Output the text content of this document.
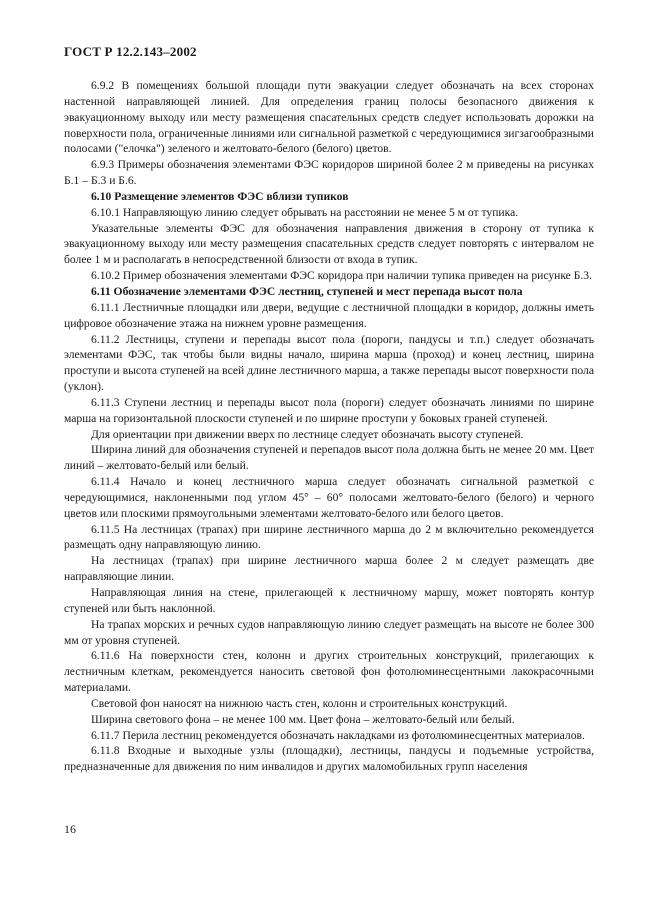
ГОСТ Р 12.2.143–2002

6.9.2 В помещениях большой площади пути эвакуации следует обозначать на всех сторонах настенной направляющей линией. Для определения границ полосы безопасного движения к эвакуационному выходу или месту размещения спасательных средств следует использовать дорожки на поверхности пола, ограниченные линиями или сигнальной разметкой с чередующимися зигзагообразными полосами ("елочка") зеленого и желтовато-белого (белого) цветов.

6.9.3 Примеры обозначения элементами ФЭС коридоров шириной более 2 м приведены на рисунках Б.1 – Б.3 и Б.6.

6.10 Размещение элементов ФЭС вблизи тупиков

6.10.1 Направляющую линию следует обрывать на расстоянии не менее 5 м от тупика.

Указательные элементы ФЭС для обозначения направления движения в сторону от тупика к эвакуационному выходу или месту размещения спасательных средств следует повторять с интервалом не более 1 м и располагать в непосредственной близости от входа в тупик.

6.10.2 Пример обозначения элементами ФЭС коридора при наличии тупика приведен на рисунке Б.3.

6.11 Обозначение элементами ФЭС лестниц, ступеней и мест перепада высот пола

6.11.1 Лестничные площадки или двери, ведущие с лестничной площадки в коридор, должны иметь цифровое обозначение этажа на нижнем уровне размещения.

6.11.2 Лестницы, ступени и перепады высот пола (пороги, пандусы и т.п.) следует обозначать элементами ФЭС, так чтобы были видны начало, ширина марша (проход) и конец лестниц, ширина проступи и высота ступеней на всей длине лестничного марша, а также перепады высот поверхности пола (уклон).

6.11.3 Ступени лестниц и перепады высот пола (пороги) следует обозначать линиями по ширине марша на горизонтальной плоскости ступеней и по ширине проступи у боковых граней ступеней.

Для ориентации при движении вверх по лестнице следует обозначать высоту ступеней.

Ширина линий для обозначения ступеней и перепадов высот пола должна быть не менее 20 мм. Цвет линий – желтовато-белый или белый.

6.11.4 Начало и конец лестничного марша следует обозначать сигнальной разметкой с чередующимися, наклоненными под углом 45° – 60° полосами желтовато-белого (белого) и черного цветов или плоскими прямоугольными элементами желтовато-белого или белого цветов.

6.11.5 На лестницах (трапах) при ширине лестничного марша до 2 м включительно рекомендуется размещать одну направляющую линию.

На лестницах (трапах) при ширине лестничного марша более 2 м следует размещать две направляющие линии.

Направляющая линия на стене, прилегающей к лестничному маршу, может повторять контур ступеней или быть наклонной.

На трапах морских и речных судов направляющую линию следует размещать на высоте не более 300 мм от уровня ступеней.

6.11.6 На поверхности стен, колонн и других строительных конструкций, прилегающих к лестничным клеткам, рекомендуется наносить световой фон фотолюминесцентными лакокрасочными материалами.

Световой фон наносят на нижнюю часть стен, колонн и строительных конструкций.

Ширина светового фона – не менее 100 мм. Цвет фона – желтовато-белый или белый.

6.11.7 Перила лестниц рекомендуется обозначать накладками из фотолюминесцентных материалов.

6.11.8 Входные и выходные узлы (площадки), лестницы, пандусы и подъемные устройства, предназначенные для движения по ним инвалидов и других маломобильных групп населения

16
